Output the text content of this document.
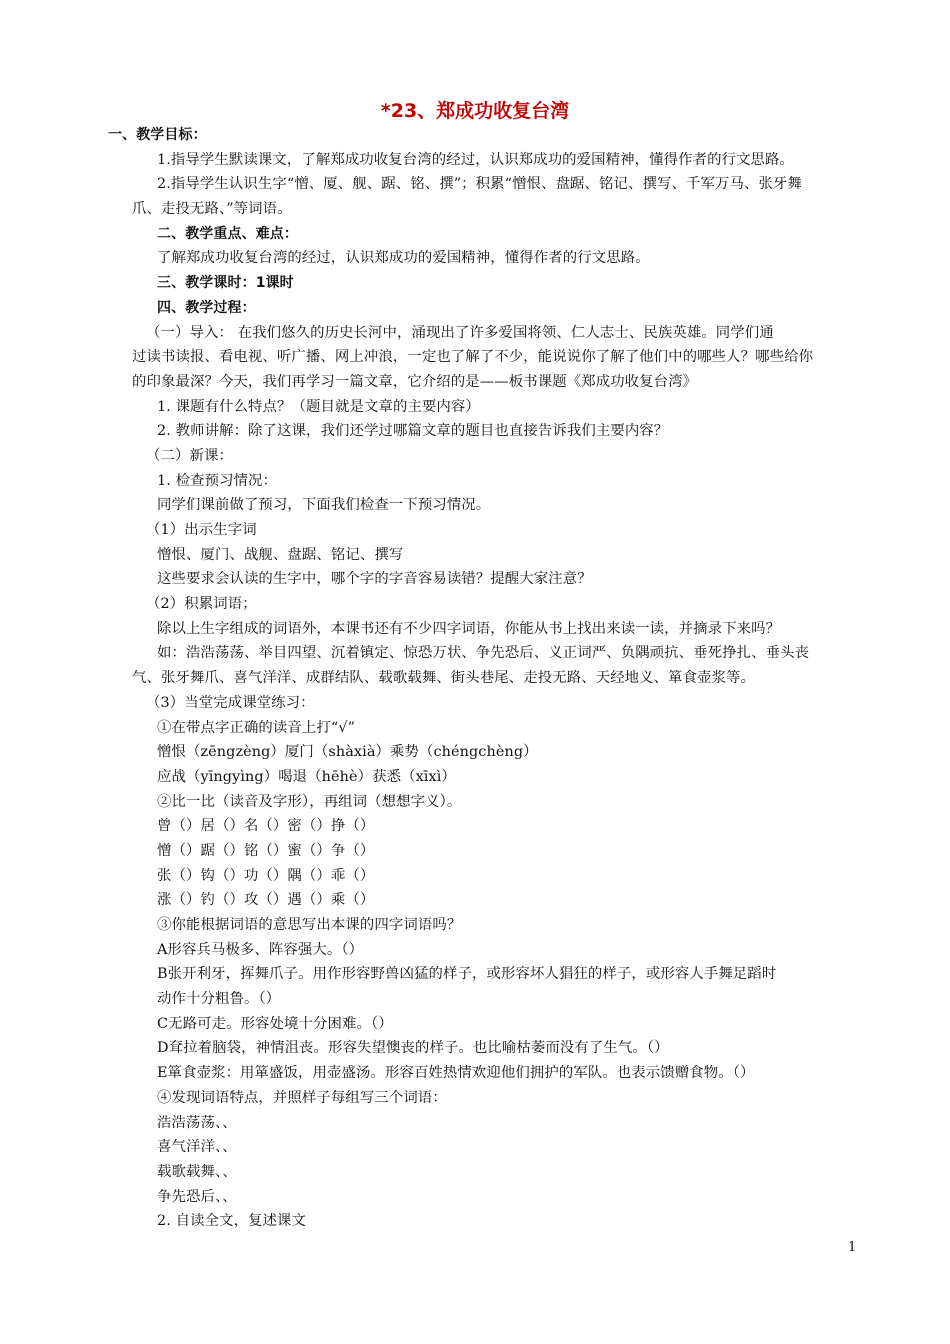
*23、郑成功收复台湾
一、教学目标：
1.指导学生默读课文，了解郑成功收复台湾的经过，认识郑成功的爱国精神，懂得作者的行文思路。
2.指导学生认识生字“憎、厦、舰、踞、铭、撰”；积累“憎恨、盘踞、铭记、撰写、千军万马、张牙舞
爪、走投无路、”等词语。
二、教学重点、难点：
了解郑成功收复台湾的经过，认识郑成功的爱国精神，懂得作者的行文思路。
三、教学课时：1课时
四、教学过程：
（一）导入： 在我们悠久的历史长河中，涌现出了许多爱国将领、仁人志士、民族英雄。同学们通
过读书读报、看电视、听广播、网上冲浪，一定也了解了不少，能说说你了解了他们中的哪些人？哪些给你
的印象最深？今天，我们再学习一篇文章，它介绍的是——板书课题《郑成功收复台湾》
1. 课题有什么特点？（题目就是文章的主要内容）
2. 教师讲解：除了这课，我们还学过哪篇文章的题目也直接告诉我们主要内容？
（二）新课：
1. 检查预习情况：
同学们课前做了预习，下面我们检查一下预习情况。
（1）出示生字词
憎恨、厦门、战舰、盘踞、铭记、撰写
这些要求会认读的生字中，哪个字的字音容易读错？提醒大家注意？
（2）积累词语；
除以上生字组成的词语外，本课书还有不少四字词语，你能从书上找出来读一读，并摘录下来吗？
如：浩浩荡荡、举目四望、沉着镇定、惊恐万状、争先恐后、义正词严、负隅顽抗、垂死挣扎、垂头丧
气、张牙舞爪、喜气洋洋、成群结队、载歌载舞、街头巷尾、走投无路、天经地义、箪食壶浆等。
（3）当堂完成课堂练习：
①在带点字正确的读音上打“√”
憎恨（zēngzèng）厦门（shàxià）乘势（chéngchèng）
应战（yīngyìng）喝退（hēhè）获悉（xīxì）
②比一比（读音及字形），再组词（想想字义）。
曾（）居（）名（）密（）挣（）
憎（）踞（）铭（）蜜（）争（）
张（）钩（）功（）隅（）乖（）
涨（）钓（）攻（）遇（）乘（）
③你能根据词语的意思写出本课的四字词语吗？
A形容兵马极多、阵容强大。（）
B张开利牙，挥舞爪子。用作形容野兽凶猛的样子，或形容坏人猖狂的样子，或形容人手舞足蹈时
动作十分粗鲁。（）
C无路可走。形容处境十分困难。（）
D耷拉着脑袋，神情沮丧。形容失望懊丧的样子。也比喻枯萎而没有了生气。（）
E箪食壶浆：用箪盛饭，用壶盛汤。形容百姓热情欢迎他们拥护的军队。也表示馈赠食物。（）
④发现词语特点，并照样子每组写三个词语：
浩浩荡荡、、
喜气洋洋、、
载歌载舞、、
争先恐后、、
2. 自读全文，复述课文
1
